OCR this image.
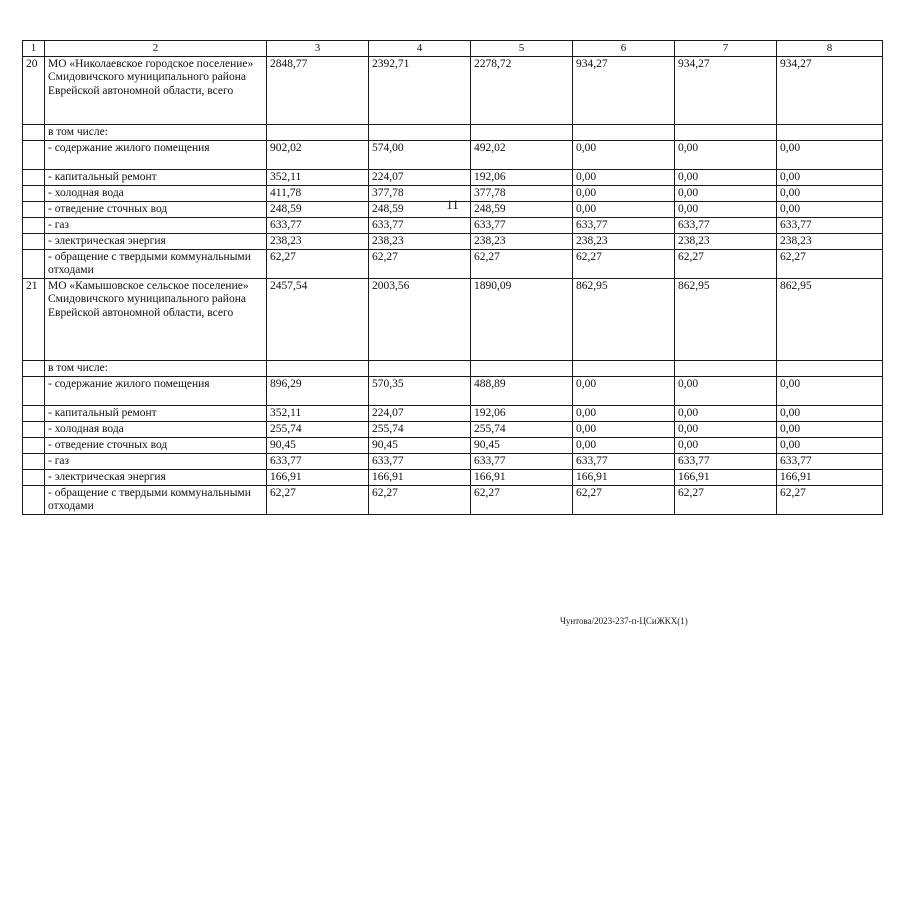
11
1	2	3	4	5	6	7	8
20	МО «Николаевское городское поселение» Смидовичского муниципального района Еврейской автономной области, всего	2848,77	2392,71	2278,72	934,27	934,27	934,27
	в том числе:						
	- содержание жилого помещения	902,02	574,00	492,02	0,00	0,00	0,00
	- капитальный ремонт	352,11	224,07	192,06	0,00	0,00	0,00
	- холодная вода	411,78	377,78	377,78	0,00	0,00	0,00
	- отведение сточных вод	248,59	248,59	248,59	0,00	0,00	0,00
	- газ	633,77	633,77	633,77	633,77	633,77	633,77
	- электрическая энергия	238,23	238,23	238,23	238,23	238,23	238,23
	- обращение с твердыми коммунальными отходами	62,27	62,27	62,27	62,27	62,27	62,27
21	МО «Камышовское сельское поселение» Смидовичского муниципального района Еврейской автономной области, всего	2457,54	2003,56	1890,09	862,95	862,95	862,95
	в том числе:						
	- содержание жилого помещения	896,29	570,35	488,89	0,00	0,00	0,00
	- капитальный ремонт	352,11	224,07	192,06	0,00	0,00	0,00
	- холодная вода	255,74	255,74	255,74	0,00	0,00	0,00
	- отведение сточных вод	90,45	90,45	90,45	0,00	0,00	0,00
	- газ	633,77	633,77	633,77	633,77	633,77	633,77
	- электрическая энергия	166,91	166,91	166,91	166,91	166,91	166,91
	- обращение с твердыми коммунальными отходами	62,27	62,27	62,27	62,27	62,27	62,27
Чунтова/2023-237-п-ЦСиЖКХ(1)
